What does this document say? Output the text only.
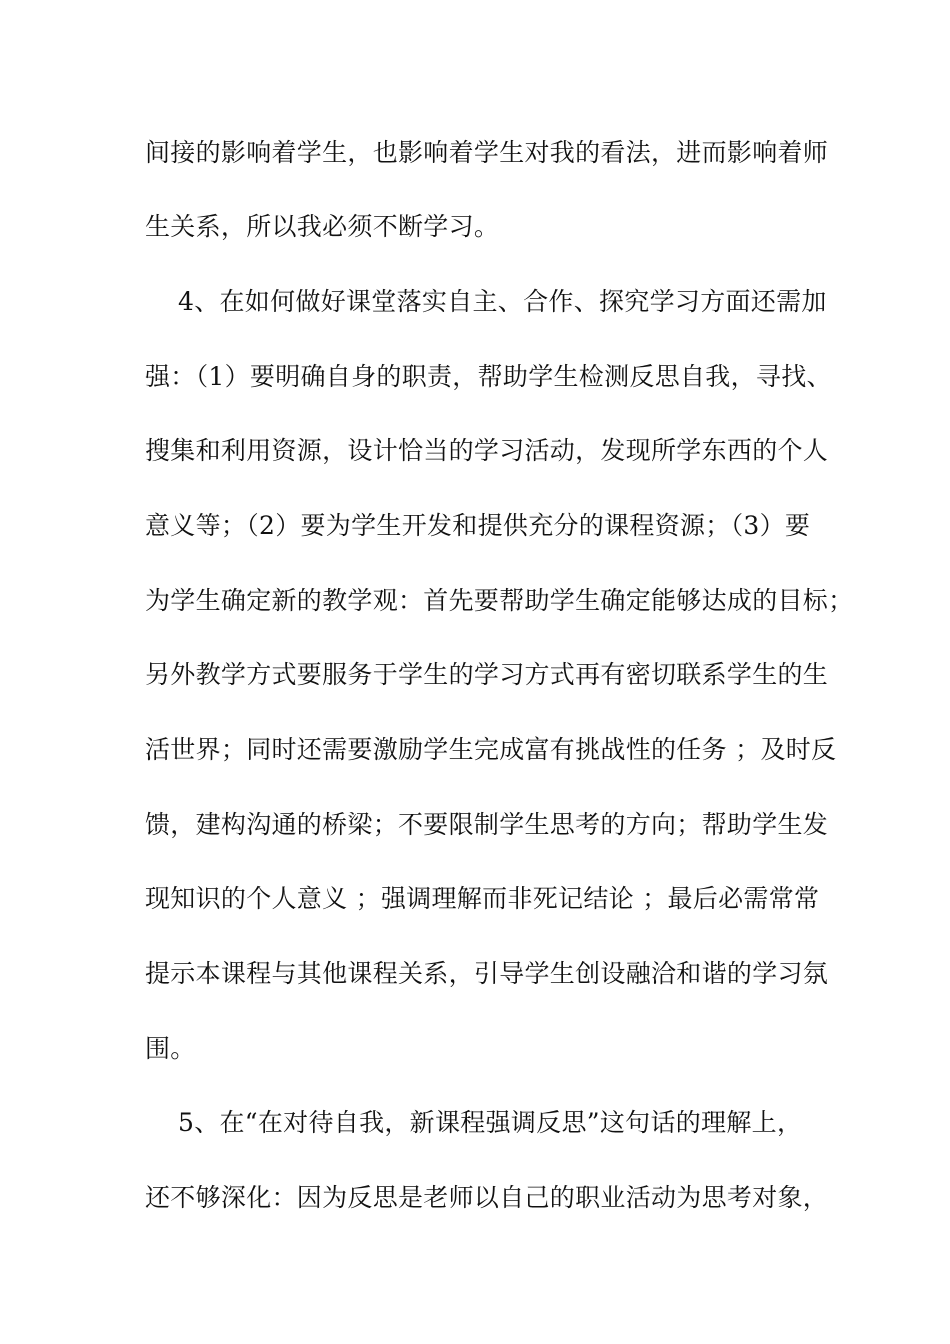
间接的影响着学生，也影响着学生对我的看法，进而影响着师
生关系，所以我必须不断学习。
4、在如何做好课堂落实自主、合作、探究学习方面还需加
强：（1）要明确自身的职责，帮助学生检测反思自我，寻找、
搜集和利用资源，设计恰当的学习活动，发现所学东西的个人
意义等；（2）要为学生开发和提供充分的课程资源；（3）要
为学生确定新的教学观：首先要帮助学生确定能够达成的目标；
另外教学方式要服务于学生的学习方式再有密切联系学生的生
活世界；同时还需要激励学生完成富有挑战性的任务 ；及时反
馈，建构沟通的桥梁；不要限制学生思考的方向；帮助学生发
现知识的个人意义 ；强调理解而非死记结论 ；最后必需常常
提示本课程与其他课程关系，引导学生创设融洽和谐的学习氛
围。
5、在“在对待自我，新课程强调反思”这句话的理解上，
还不够深化：因为反思是老师以自己的职业活动为思考对象，
